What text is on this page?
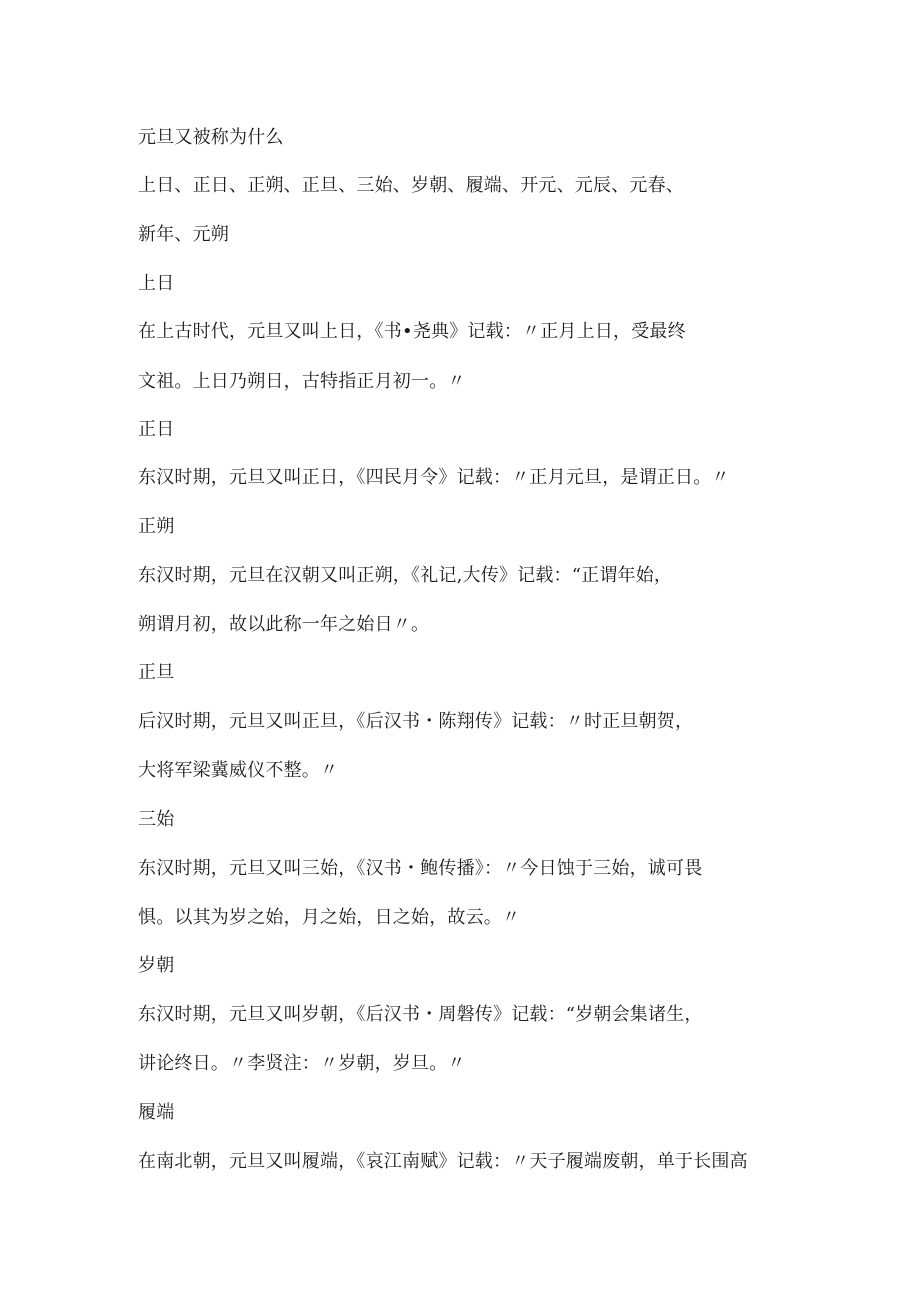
元旦又被称为什么
上日、正日、正朔、正旦、三始、岁朝、履端、开元、元辰、元春、
新年、元朔
上日
在上古时代，元旦又叫上日，《书•尧典》记载：〃正月上日，受最终
文祖。上日乃朔日，古特指正月初一。〃
正日
东汉时期，元旦又叫正日，《四民月令》记载：〃正月元旦，是谓正日。〃
正朔
东汉时期，元旦在汉朝又叫正朔，《礼记,大传》记载：“正谓年始，
朔谓月初，故以此称一年之始日〃。
正旦
后汉时期，元旦又叫正旦，《后汉书・陈翔传》记载：〃时正旦朝贺，
大将军梁冀威仪不整。〃
三始
东汉时期，元旦又叫三始，《汉书・鲍传播》：〃今日蚀于三始，诚可畏
惧。以其为岁之始，月之始，日之始，故云。〃
岁朝
东汉时期，元旦又叫岁朝，《后汉书・周磐传》记载：“岁朝会集诸生，
讲论终日。〃李贤注：〃岁朝，岁旦。〃
履端
在南北朝，元旦又叫履端，《哀江南赋》记载：〃天子履端废朝，单于长围高
